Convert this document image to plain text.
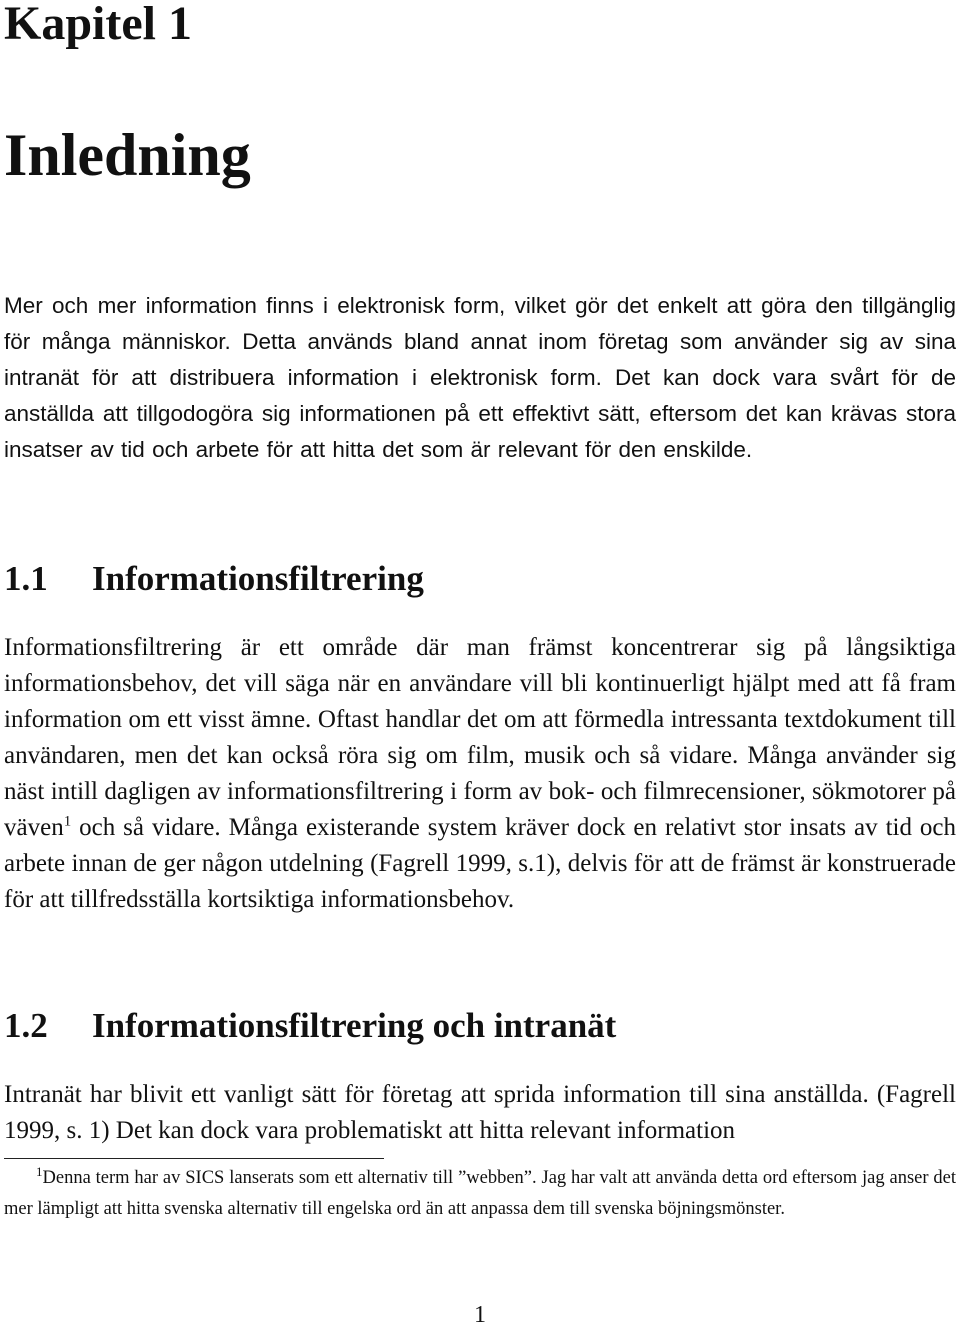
Kapitel 1
Inledning

Mer och mer information finns i elektronisk form, vilket gör det enkelt att göra den tillgänglig för många människor. Detta används bland annat inom företag som använder sig av sina intranät för att distribuera information i elektronisk form. Det kan dock vara svårt för de anställda att tillgodogöra sig informationen på ett effektivt sätt, eftersom det kan krävas stora insatser av tid och arbete för att hitta det som är relevant för den enskilde.

1.1 Informationsfiltrering

Informationsfiltrering är ett område där man främst koncentrerar sig på långsiktiga informationsbehov, det vill säga när en användare vill bli kontinuerligt hjälpt med att få fram information om ett visst ämne. Oftast handlar det om att förmedla intressanta textdokument till användaren, men det kan också röra sig om film, musik och så vidare. Många använder sig näst intill dagligen av informationsfiltrering i form av bok- och filmrecensioner, sökmotorer på väven$^1$ och så vidare. Många existerande system kräver dock en relativt stor insats av tid och arbete innan de ger någon utdelning (Fagrell 1999, s.1), delvis för att de främst är konstruerade för att tillfredsställa kortsiktiga informationsbehov.

1.2 Informationsfiltrering och intranät

Intranät har blivit ett vanligt sätt för företag att sprida information till sina anställda. (Fagrell 1999, s. 1) Det kan dock vara problematiskt att hitta relevant information

$^1$Denna term har av SICS lanserats som ett alternativ till ”webben”. Jag har valt att använda detta ord eftersom jag anser det mer lämpligt att hitta svenska alternativ till engelska ord än att anpassa dem till svenska böjningsmönster.

1
